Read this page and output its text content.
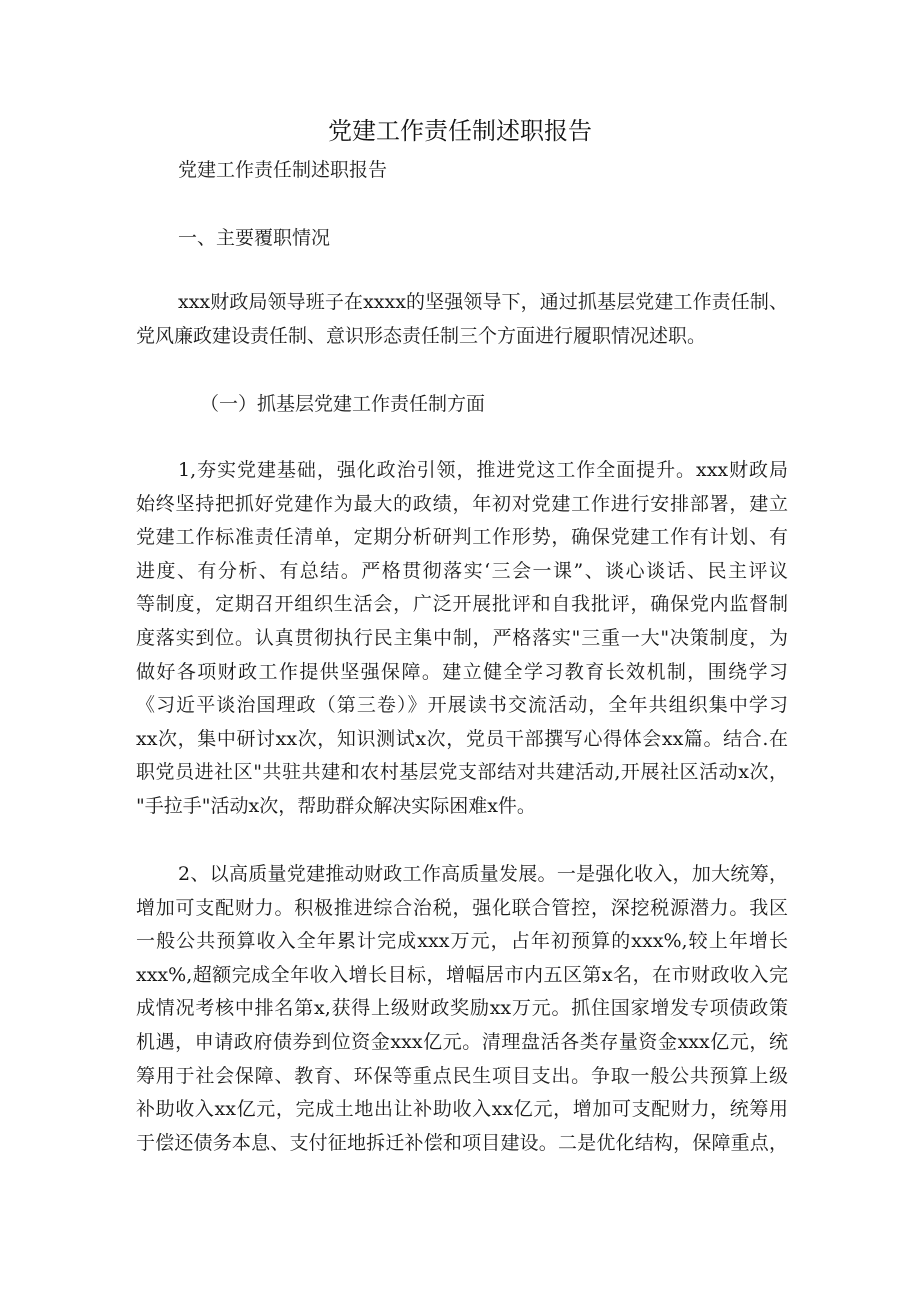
党建工作责任制述职报告
党建工作责任制述职报告
一、主要覆职情况
xxx财政局领导班子在xxxx的坚强领导下，通过抓基层党建工作责任制、
党风廉政建设责任制、意识形态责任制三个方面进行履职情况述职。
（一）抓基层党建工作责任制方面
1,夯实党建基础，强化政治引领，推进党这工作全面提升。xxx财政局
始终坚持把抓好党建作为最大的政绩，年初对党建工作进行安排部署，建立
党建工作标准责任清单，定期分析研判工作形势，确保党建工作有计划、有
进度、有分析、有总结。严格贯彻落实‘三会一课”、谈心谈话、民主评议
等制度，定期召开组织生活会，广泛开展批评和自我批评，确保党内监督制
度落实到位。认真贯彻执行民主集中制，严格落实"三重一大"决策制度，为
做好各项财政工作提供坚强保障。建立健全学习教育长效机制，围绕学习
《习近平谈治国理政（第三卷）》开展读书交流活动，全年共组织集中学习
xx次，集中研讨xx次，知识测试x次，党员干部撰写心得体会xx篇。结合.在
职党员进社区"共驻共建和农村基层党支部结对共建活动,开展社区活动x次，
"手拉手"活动x次，帮助群众解决实际困难x件。
2、以高质量党建推动财政工作高质量发展。一是强化收入，加大统筹，
增加可支配财力。积极推进综合治税，强化联合管控，深挖税源潜力。我区
一般公共预算收入全年累计完成xxx万元，占年初预算的xxx%,较上年增长
xxx%,超额完成全年收入增长目标，增幅居市内五区第x名，在市财政收入完
成情况考核中排名第x,获得上级财政奖励xx万元。抓住国家增发专项债政策
机遇，申请政府债券到位资金xxx亿元。清理盘活各类存量资金xxx亿元，统
筹用于社会保障、教育、环保等重点民生项目支出。争取一般公共预算上级
补助收入xx亿元，完成土地出让补助收入xx亿元，增加可支配财力，统筹用
于偿还债务本息、支付征地拆迁补偿和项目建设。二是优化结构，保障重点，
